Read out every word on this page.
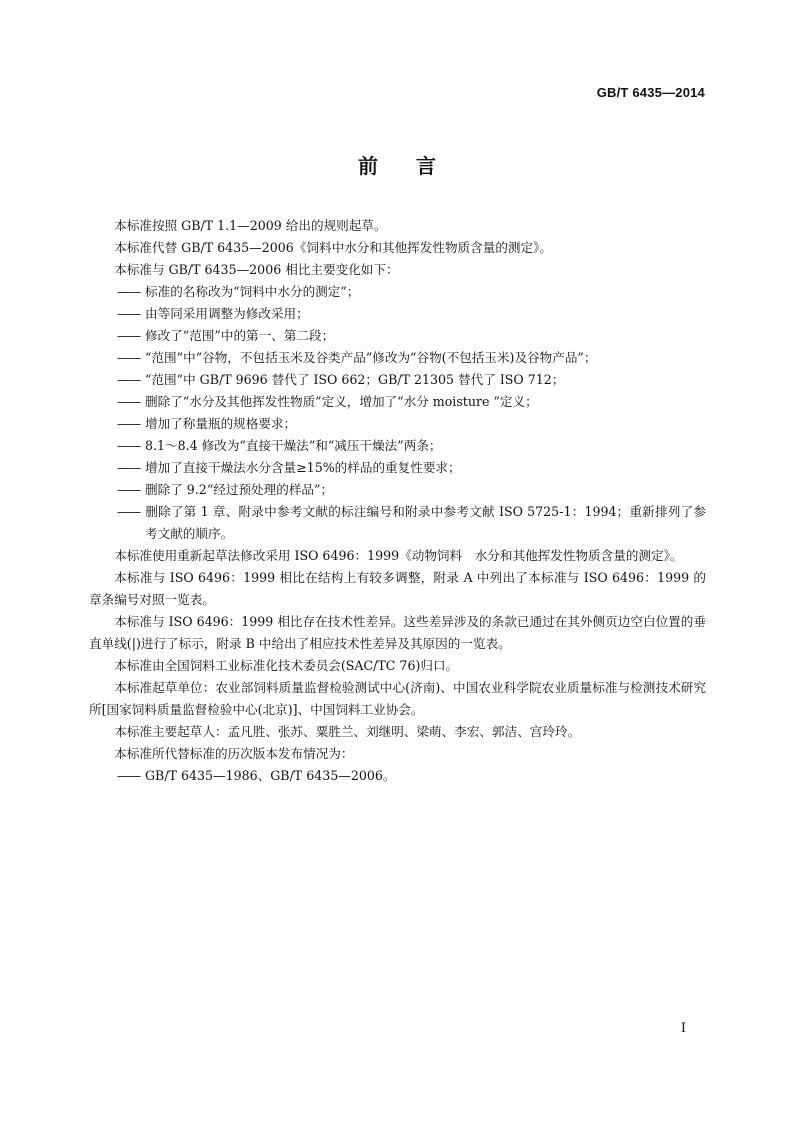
GB/T 6435—2014
前言
本标准按照 GB/T 1.1—2009 给出的规则起草。
本标准代替 GB/T 6435—2006《饲料中水分和其他挥发性物质含量的测定》。
本标准与 GB/T 6435—2006 相比主要变化如下：
—— 标准的名称改为“饲料中水分的测定”；
—— 由等同采用调整为修改采用；
—— 修改了“范围”中的第一、第二段；
—— “范围”中“谷物，不包括玉米及谷类产品”修改为“谷物(不包括玉米)及谷物产品”；
—— “范围”中 GB/T 9696 替代了 ISO 662；GB/T 21305 替代了 ISO 712；
—— 删除了“水分及其他挥发性物质”定义，增加了“水分 moisture ”定义；
—— 增加了称量瓶的规格要求；
—— 8.1～8.4 修改为“直接干燥法”和“减压干燥法”两条；
—— 增加了直接干燥法水分含量≥15%的样品的重复性要求；
—— 删除了 9.2“经过预处理的样品”；
—— 删除了第 1 章、附录中参考文献的标注编号和附录中参考文献 ISO 5725-1：1994；重新排列了参考文献的顺序。
本标准使用重新起草法修改采用 ISO 6496：1999《动物饲料　水分和其他挥发性物质含量的测定》。
本标准与 ISO 6496：1999 相比在结构上有较多调整，附录 A 中列出了本标准与 ISO 6496：1999 的章条编号对照一览表。
本标准与 ISO 6496：1999 相比存在技术性差异。这些差异涉及的条款已通过在其外侧页边空白位置的垂直单线(|)进行了标示，附录 B 中给出了相应技术性差异及其原因的一览表。
本标准由全国饲料工业标准化技术委员会(SAC/TC 76)归口。
本标准起草单位：农业部饲料质量监督检验测试中心(济南)、中国农业科学院农业质量标准与检测技术研究所[国家饲料质量监督检验中心(北京)]、中国饲料工业协会。
本标准主要起草人：孟凡胜、张苏、粟胜兰、刘继明、梁萌、李宏、郭洁、宫玲玲。
本标准所代替标准的历次版本发布情况为：
—— GB/T 6435—1986、GB/T 6435—2006。
I
